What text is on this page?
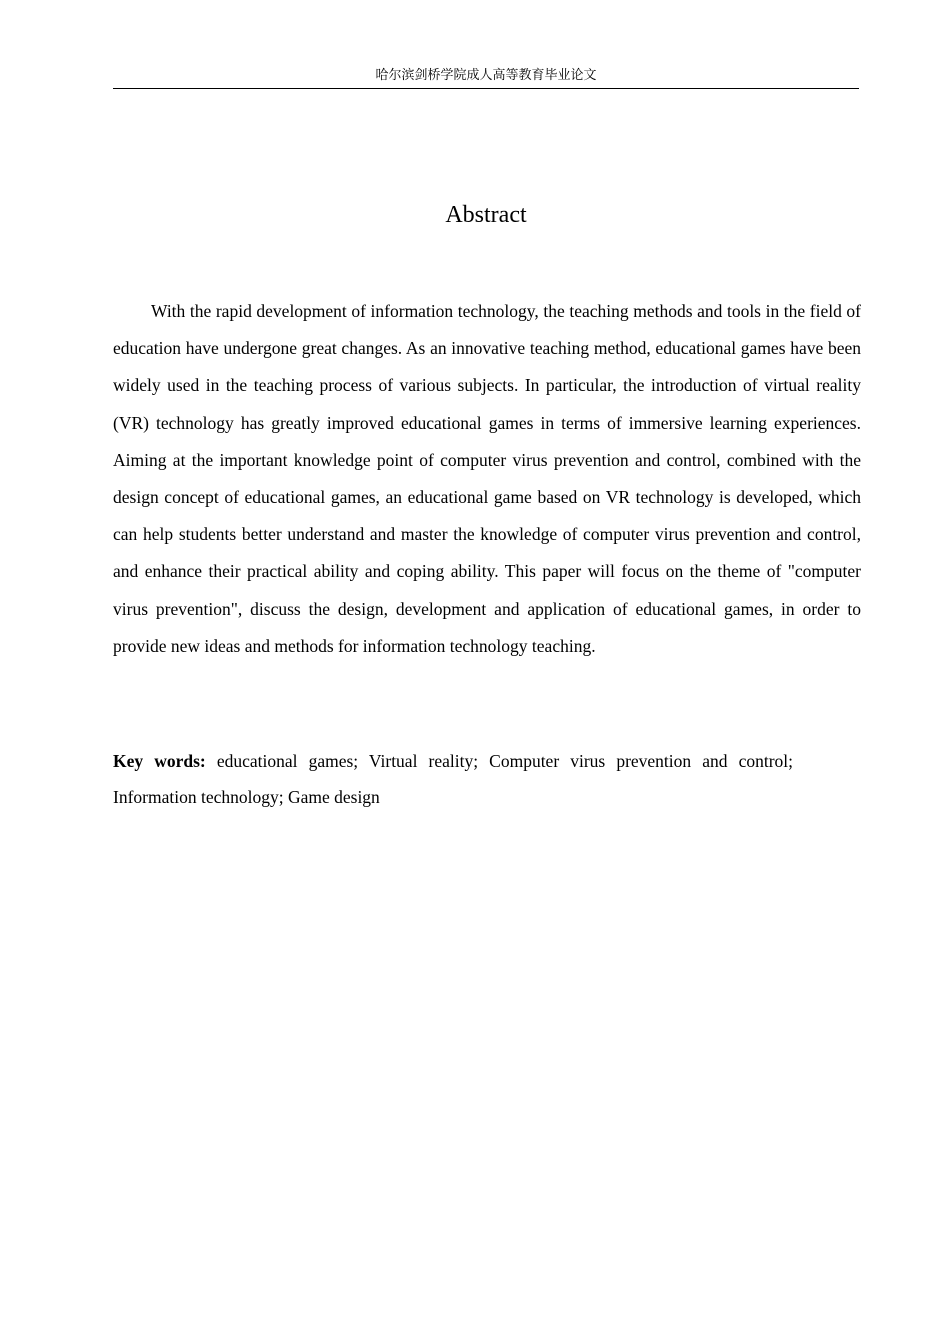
哈尔滨剑桥学院成人高等教育毕业论文
Abstract

With the rapid development of information technology, the teaching methods and tools in the field of education have undergone great changes. As an innovative teaching method, educational games have been widely used in the teaching process of various subjects. In particular, the introduction of virtual reality (VR) technology has greatly improved educational games in terms of immersive learning experiences. Aiming at the important knowledge point of computer virus prevention and control, combined with the design concept of educational games, an educational game based on VR technology is developed, which can help students better understand and master the knowledge of computer virus prevention and control, and enhance their practical ability and coping ability. This paper will focus on the theme of "computer virus prevention", discuss the design, development and application of educational games, in order to provide new ideas and methods for information technology teaching.

Key words: educational games; Virtual reality; Computer virus prevention and control; Information technology; Game design
